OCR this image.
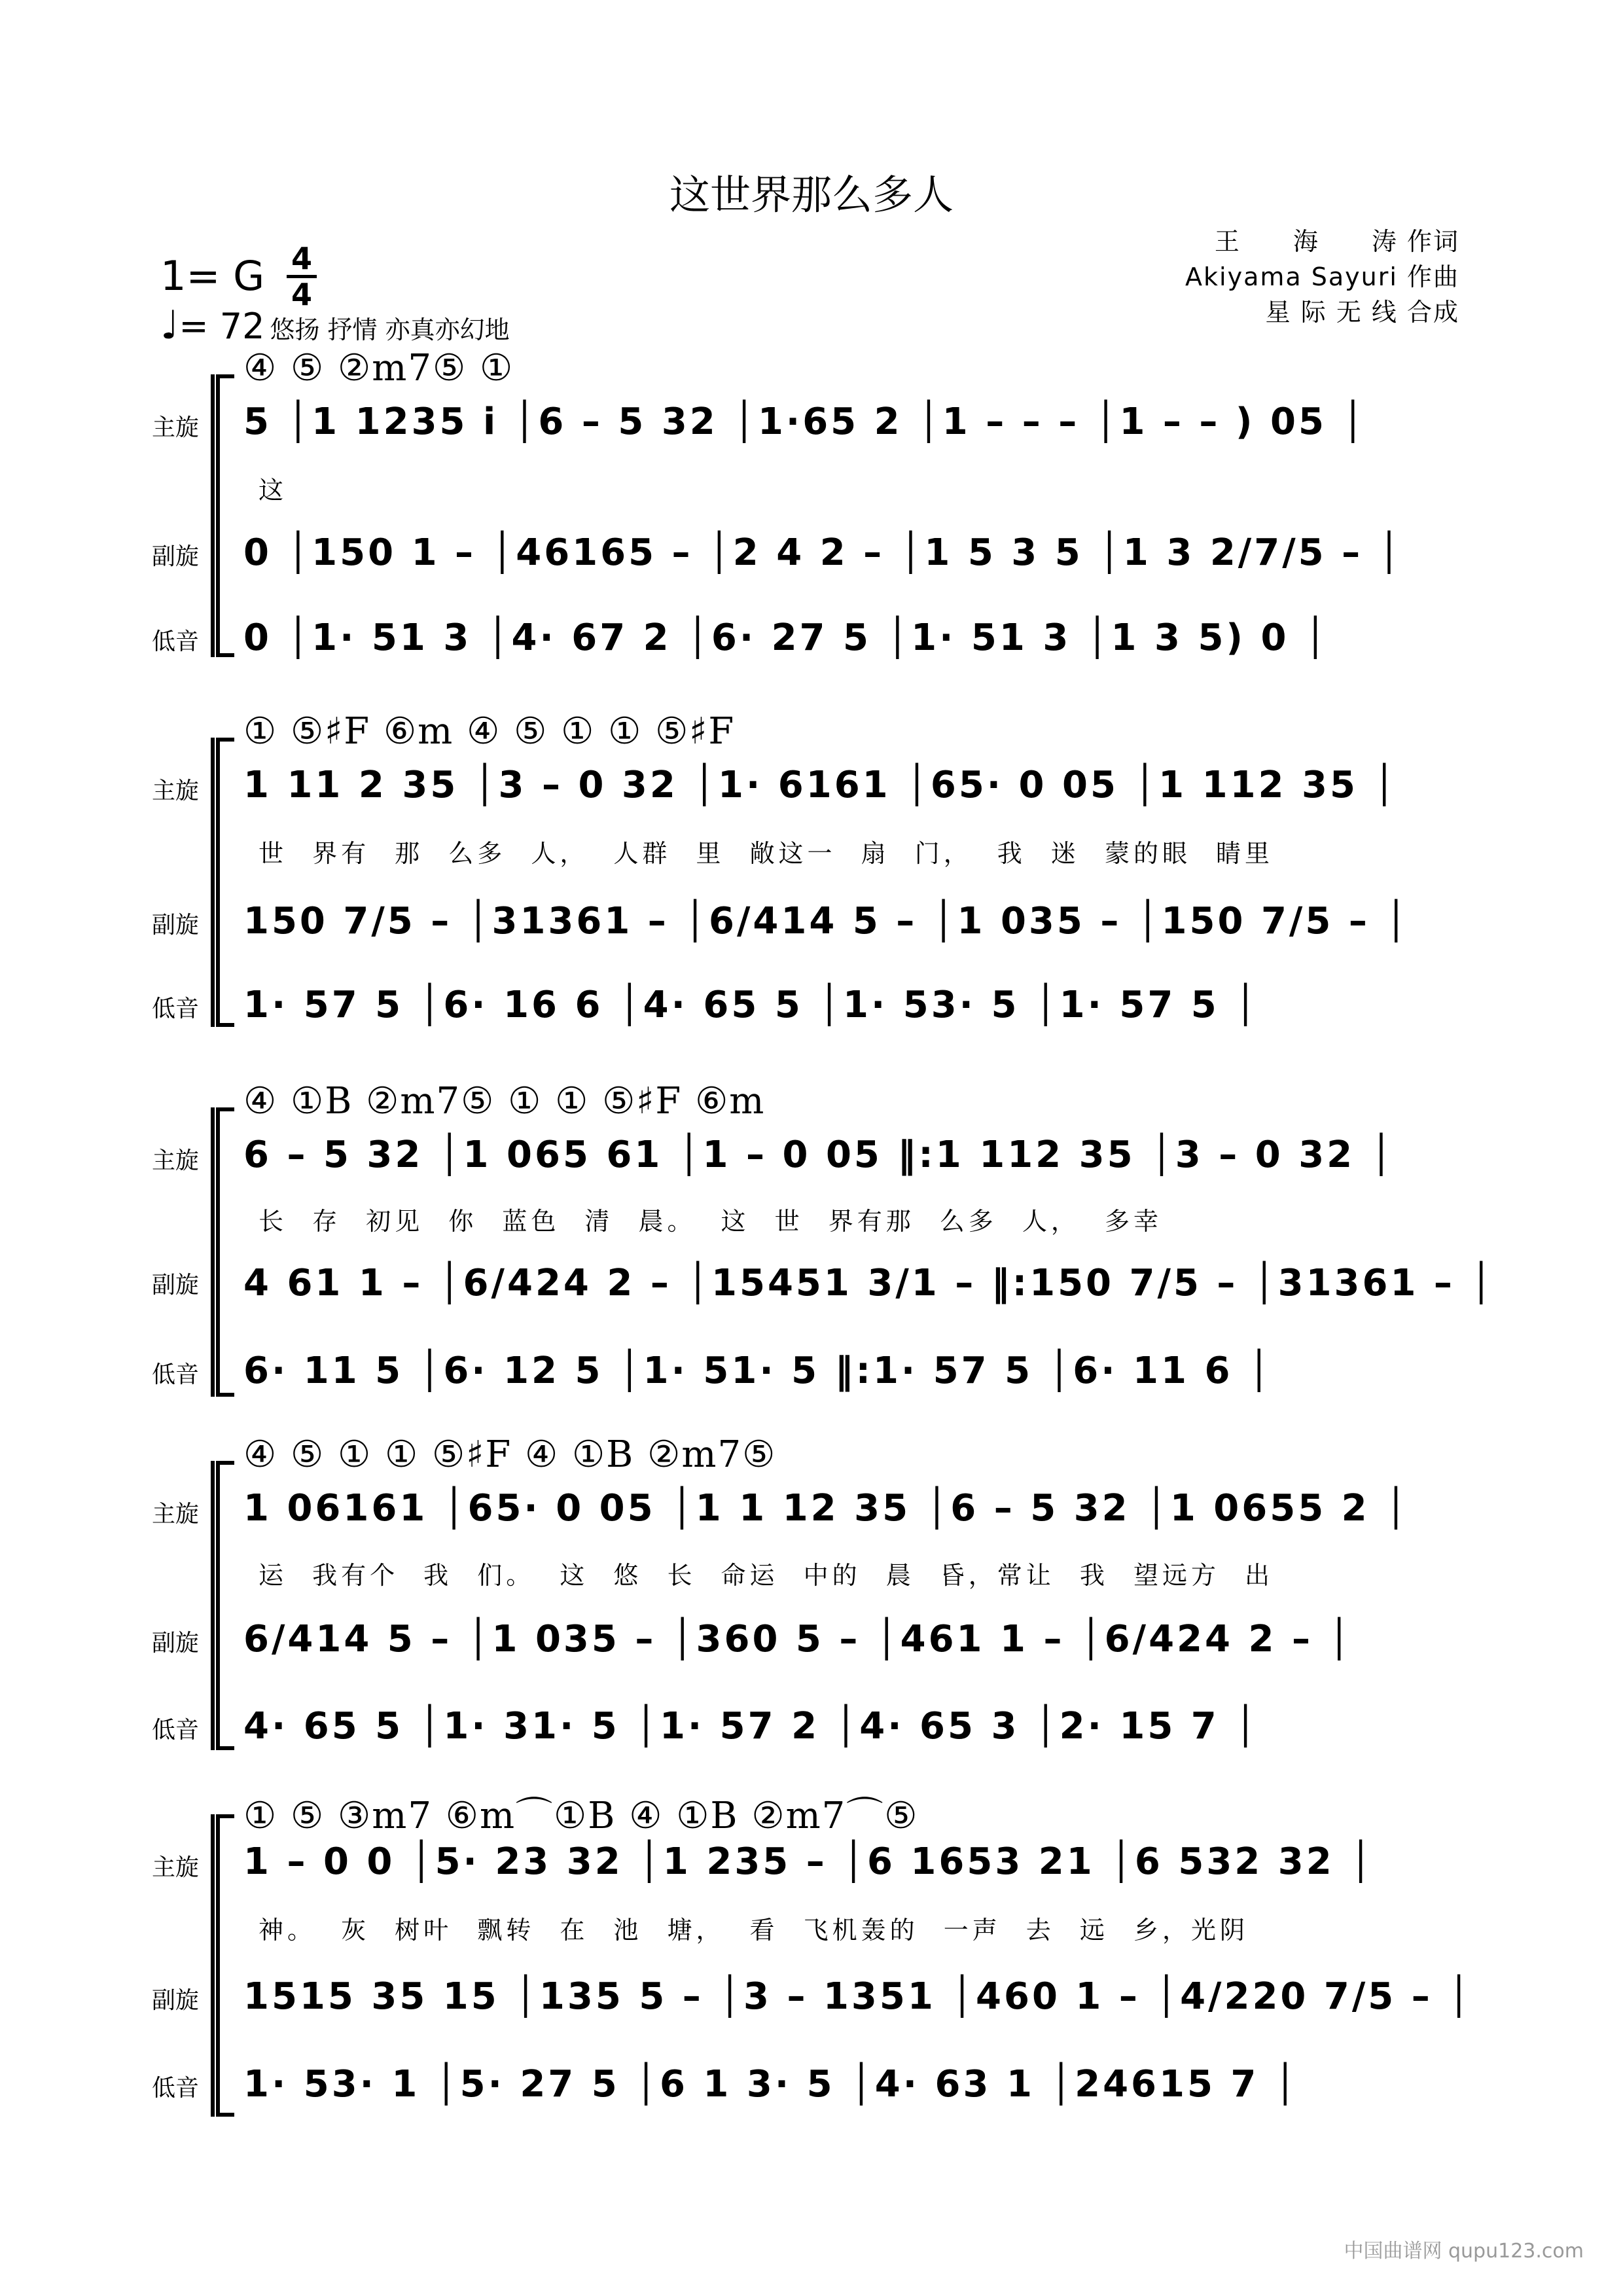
这世界那么多人
王　　海　　涛 作词
Akiyama Sayuri 作曲
星 际 无 线 合成
1= G 4
4
♩= 72 悠扬 抒情 亦真亦幻地
主旋
副旋
低音
④ ⑤ ②m7⑤ ①
5 │1 1235 i │6 – 5 32 │1·65 2 │1 – – – │1 – – ) 05 │
这
0 │150 1 – │46165 – │2 4 2 – │1 5 3 5 │1 3 2/7/5 – │
0 │1· 51 3 │4· 67 2 │6· 27 5 │1· 51 3 │1 3 5) 0 │
主旋
副旋
低音
① ⑤♯F ⑥m ④ ⑤ ① ① ⑤♯F
1 11 2 35 │3 – 0 32 │1· 6161 │65· 0 05 │1 112 35 │
世 界有 那 么多 人， 人群 里 敞这一 扇 门， 我 迷 蒙的眼 睛里
150 7/5 – │31361 – │6/414 5 – │1 035 – │150 7/5 – │
1· 57 5 │6· 16 6 │4· 65 5 │1· 53· 5 │1· 57 5 │
主旋
副旋
低音
④ ①B ②m7⑤ ① ① ⑤♯F ⑥m
6 – 5 32 │1 065 61 │1 – 0 05 ‖:1 112 35 │3 – 0 32 │
长 存 初见 你 蓝色 清 晨。 这 世 界有那 么多 人， 多幸
4 61 1 – │6/424 2 – │15451 3/1 – ‖:150 7/5 – │31361 – │
6· 11 5 │6· 12 5 │1· 51· 5 ‖:1· 57 5 │6· 11 6 │
主旋
副旋
低音
④ ⑤ ① ① ⑤♯F ④ ①B ②m7⑤
1 06161 │65· 0 05 │1 1 12 35 │6 – 5 32 │1 0655 2 │
运 我有个 我 们。 这 悠 长 命运 中的 晨 昏，常让 我 望远方 出
6/414 5 – │1 035 – │360 5 – │461 1 – │6/424 2 – │
4· 65 5 │1· 31· 5 │1· 57 2 │4· 65 3 │2· 15 7 │
主旋
副旋
低音
① ⑤ ③m7 ⑥m⌒①B ④ ①B ②m7⌒⑤
1 – 0 0 │5· 23 32 │1 235 – │6 1653 21 │6 532 32 │
神。 灰 树叶 飘转 在 池 塘， 看 飞机轰的 一声 去 远 乡，光阴
1515 35 15 │135 5 – │3 – 1351 │460 1 – │4/220 7/5 – │
1· 53· 1 │5· 27 5 │6 1 3· 5 │4· 63 1 │24615 7 │
中国曲谱网 qupu123.com
